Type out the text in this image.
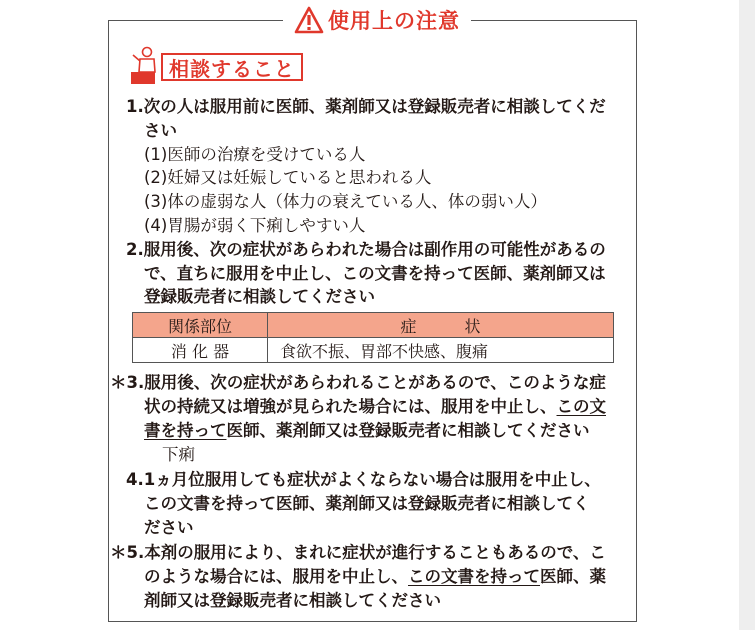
使用上の注意
相談すること
1.次の人は服用前に医師、薬剤師又は登録販売者に相談してくだ
さい
(1)医師の治療を受けている人
(2)妊婦又は妊娠していると思われる人
(3)体の虚弱な人（体力の衰えている人、体の弱い人）
(4)胃腸が弱く下痢しやすい人
2.服用後、次の症状があらわれた場合は副作用の可能性があるの
で、直ちに服用を中止し、この文書を持って医師、薬剤師又は
登録販売者に相談してください
関係部位	症　　　状
消 化 器	食欲不振、胃部不快感、腹痛
＊3.服用後、次の症状があらわれることがあるので、このような症
状の持続又は増強が見られた場合には、服用を中止し、この文
書を持って医師、薬剤師又は登録販売者に相談してください
下痢
4.1ヵ月位服用しても症状がよくならない場合は服用を中止し、
この文書を持って医師、薬剤師又は登録販売者に相談してく
ださい
＊5.本剤の服用により、まれに症状が進行することもあるので、こ
のような場合には、服用を中止し、この文書を持って医師、薬
剤師又は登録販売者に相談してください
